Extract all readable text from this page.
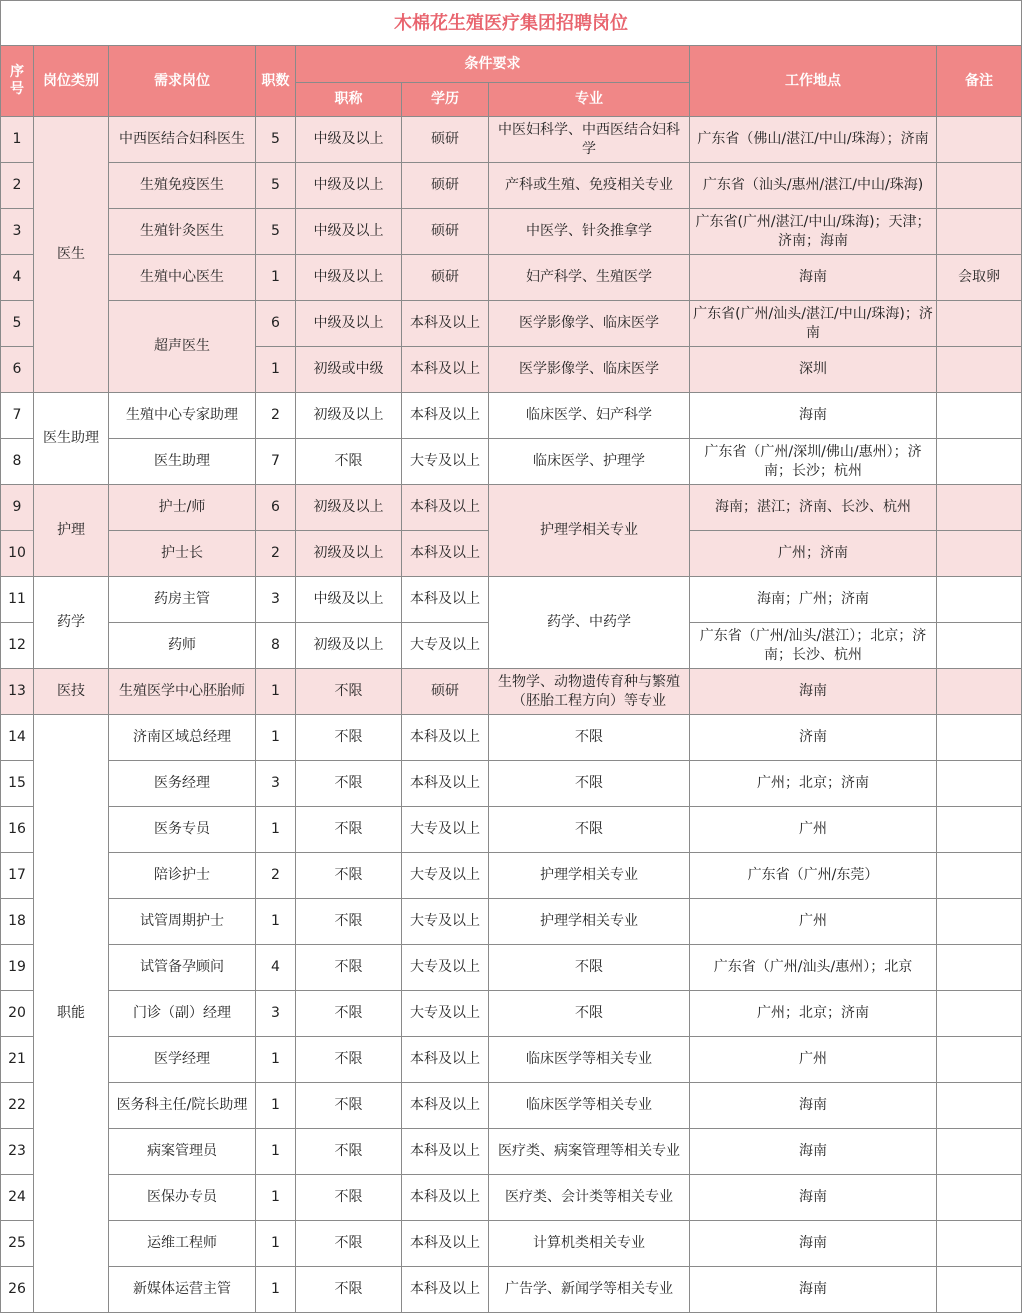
木棉花生殖医疗集团招聘岗位								
序号	岗位类别	需求岗位	职数	条件要求			工作地点	备注
				职称	学历	专业		
1	医生	中西医结合妇科医生	5	中级及以上	硕研	中医妇科学、中西医结合妇科学	广东省（佛山/湛江/中山/珠海）；济南	
2		生殖免疫医生	5	中级及以上	硕研	产科或生殖、免疫相关专业	广东省（汕头/惠州/湛江/中山/珠海)	
3		生殖针灸医生	5	中级及以上	硕研	中医学、针灸推拿学	广东省(广州/湛江/中山/珠海)；天津；济南；海南	
4		生殖中心医生	1	中级及以上	硕研	妇产科学、生殖医学	海南	会取卵
5		超声医生	6	中级及以上	本科及以上	医学影像学、临床医学	广东省(广州/汕头/湛江/中山/珠海)；济南	
6			1	初级或中级	本科及以上	医学影像学、临床医学	深圳	
7	医生助理	生殖中心专家助理	2	初级及以上	本科及以上	临床医学、妇产科学	海南	
8		医生助理	7	不限	大专及以上	临床医学、护理学	广东省（广州/深圳/佛山/惠州）；济南；长沙；杭州	
9	护理	护士/师	6	初级及以上	本科及以上	护理学相关专业	海南；湛江；济南、长沙、杭州	
10		护士长	2	初级及以上	本科及以上		广州；济南	
11	药学	药房主管	3	中级及以上	本科及以上	药学、中药学	海南；广州；济南	
12		药师	8	初级及以上	大专及以上		广东省（广州/汕头/湛江）；北京；济南；长沙、杭州	
13	医技	生殖医学中心胚胎师	1	不限	硕研	生物学、动物遗传育种与繁殖（胚胎工程方向）等专业	海南	
14	职能	济南区域总经理	1	不限	本科及以上	不限	济南	
15		医务经理	3	不限	本科及以上	不限	广州；北京；济南	
16		医务专员	1	不限	大专及以上	不限	广州	
17		陪诊护士	2	不限	大专及以上	护理学相关专业	广东省（广州/东莞）	
18		试管周期护士	1	不限	大专及以上	护理学相关专业	广州	
19		试管备孕顾问	4	不限	大专及以上	不限	广东省（广州/汕头/惠州）；北京	
20		门诊（副）经理	3	不限	大专及以上	不限	广州；北京；济南	
21		医学经理	1	不限	本科及以上	临床医学等相关专业	广州	
22		医务科主任/院长助理	1	不限	本科及以上	临床医学等相关专业	海南	
23		病案管理员	1	不限	本科及以上	医疗类、病案管理等相关专业	海南	
24		医保办专员	1	不限	本科及以上	医疗类、会计类等相关专业	海南	
25		运维工程师	1	不限	本科及以上	计算机类相关专业	海南	
26		新媒体运营主管	1	不限	本科及以上	广告学、新闻学等相关专业	海南	
